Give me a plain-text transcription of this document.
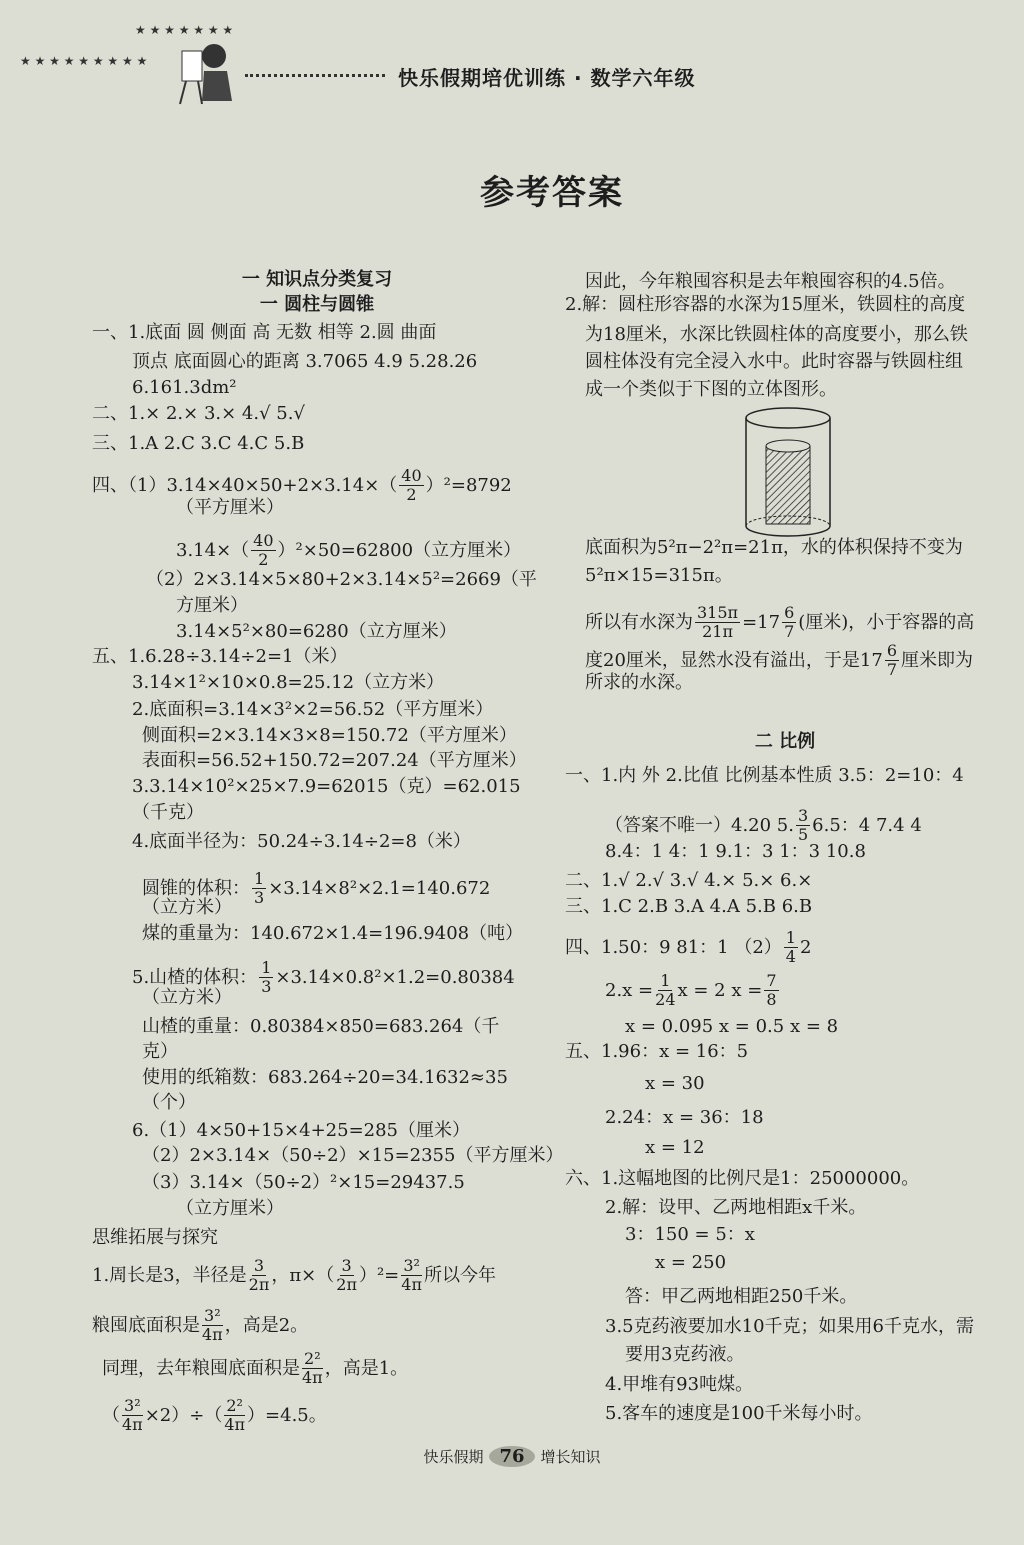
★ ★ ★ ★ ★ ★ ★ ★ ★
★ ★ ★ ★ ★ ★ ★
快乐假期培优训练 · 数学六年级
参考答案
快乐假期 76 增长知识
一 知识点分类复习
一 圆柱与圆锥
一、1.底面 圆 侧面 高 无数 相等 2.圆 曲面
顶点 底面圆心的距离 3.7065 4.9 5.28.26
6.161.3dm²
二、1.× 2.× 3.× 4.√ 5.√
三、1.A 2.C 3.C 4.C 5.B
四、$(1)3.14\times 40\times 50+2\times 3.14\times( \frac{40}{2} )^2=8792$
（平方厘米）
$3.14\times( \frac{40}{2} )^2\times 50=62800$（立方厘米）
（2）2×3.14×5×80+2×3.14×5²=2669（平
方厘米）
3.14×5²×80=6280（立方厘米）
五、1.6.28÷3.14÷2=1（米）
3.14×1²×10×0.8=25.12（立方米）
2.底面积=3.14×3²×2=56.52（平方厘米）
侧面积=2×3.14×3×8=150.72（平方厘米）
表面积=56.52+150.72=207.24（平方厘米）
3.3.14×10²×25×7.9=62015（克）=62.015
（千克）
4.底面半径为：50.24÷3.14÷2=8（米）
圆锥的体积： $\frac{1}{3} \times 3.14\times 8^2\times 2.1=140.672$
（立方米）
煤的重量为：140.672×1.4=196.9408（吨）
5.山楂的体积： $\frac{1}{3} \times 3.14\times 0.8^2\times 1.2=0.80384$
（立方米）
山楂的重量：0.80384×850=683.264（千
克）
使用的纸箱数：683.264÷20=34.1632≈35
（个）
6.（1）4×50+15×4+25=285（厘米）
（2）2×3.14×（50÷2）×15=2355（平方厘米）
（3）3.14×（50÷2）²×15=29437.5
（立方厘米）
思维拓展与探究
1.周长是3，半径是 $\frac{3}{2\pi}$ ，$\pi\times( \frac{3}{2\pi} )^2= \frac{\text{3²}}{4\pi}$ 所以今年
粮囤底面积是 $\frac{\text{3²}}{4\pi}$ ，高是2。
同理，去年粮囤底面积是 $\frac{\text{2²}}{4\pi}$ ，高是1。
（ $\frac{\text{3²}}{4\pi} \times 2)\div( \frac{\text{2²}}{4\pi} )=4.5$。
因此，今年粮囤容积是去年粮囤容积的4.5倍。
2.解：圆柱形容器的水深为15厘米，铁圆柱的高度
为18厘米，水深比铁圆柱体的高度要小，那么铁
圆柱体没有完全浸入水中。此时容器与铁圆柱组
成一个类似于下图的立体图形。
底面积为5²π−2²π=21π，水的体积保持不变为
5²π×15=315π。
所以有水深为 $\frac{315\pi}{21\pi} =17 \frac{6}{7}$ (厘米)，小于容器的高
度20厘米，显然水没有溢出，于是$17 \frac{6}{7}$ 厘米即为
所求的水深。
二 比例
一、1.内 外 2.比值 比例基本性质 3.5：2=10：4
（答案不唯一）4.20 5. $\frac{3}{5} 6.5$：4 7.4 4
8.4：1 4：1 9.1：3 1：3 10.8
二、1.√ 2.√ 3.√ 4.× 5.× 6.×
三、1.C 2.B 3.A 4.A 5.B 6.B
四、1.50：9 81：1 $(2) \frac{1}{4} 2$
$2.x = \frac{1}{24}$ x = 2 $x = \frac{7}{8}$
x = 0.095 x = 0.5 x = 8
五、1.96：x = 16：5
x = 30
2.24：x = 36：18
x = 12
六、1.这幅地图的比例尺是1：25000000。
2.解：设甲、乙两地相距x千米。
3：150 = 5：x
x = 250
答：甲乙两地相距250千米。
3.5克药液要加水10千克；如果用6千克水，需
要用3克药液。
4.甲堆有93吨煤。
5.客车的速度是100千米每小时。
